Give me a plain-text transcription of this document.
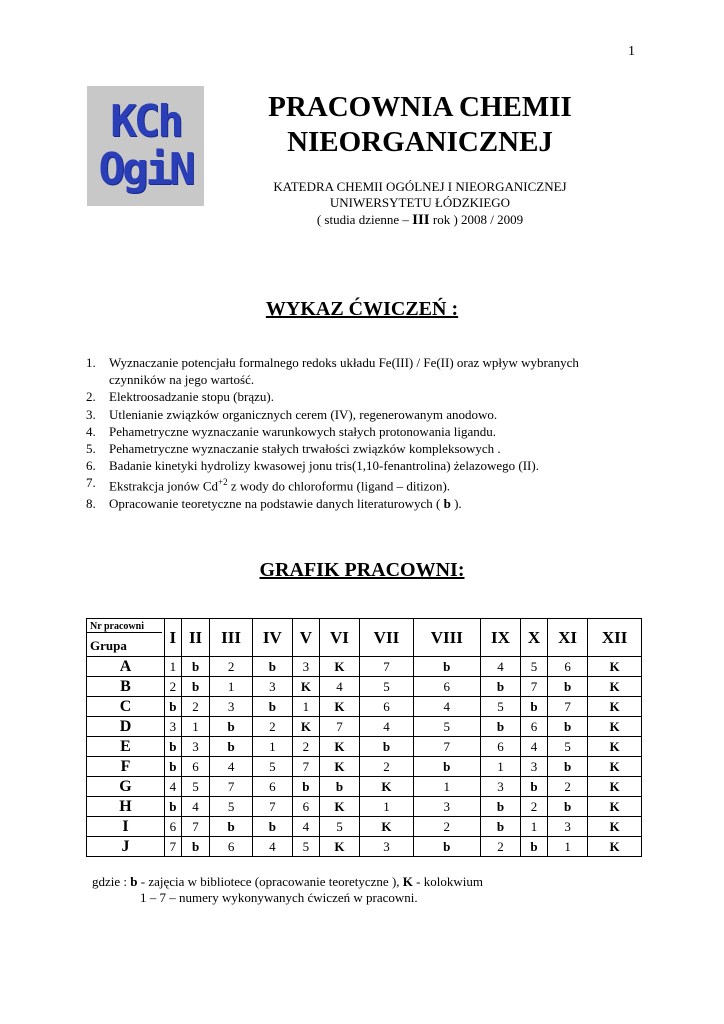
1
KCh
OgiN
PRACOWNIA CHEMII
NIEORGANICZNEJ
KATEDRA CHEMII OGÓLNEJ I NIEORGANICZNEJ
UNIWERSYTETU ŁÓDZKIEGO
( studia dzienne – III rok ) 2008 / 2009
WYKAZ ĆWICZEŃ :
1.	Wyznaczanie potencjału formalnego redoks układu Fe(III) / Fe(II) oraz wpływ wybranych
czynników na jego wartość.
2.	Elektroosadzanie stopu (brązu).
3.	Utlenianie związków organicznych cerem (IV), regenerowanym anodowo.
4.	Pehametryczne wyznaczanie warunkowych stałych protonowania ligandu.
5.	Pehametryczne wyznaczanie stałych trwałości związków kompleksowych .
6.	Badanie kinetyki hydrolizy kwasowej jonu tris(1,10-fenantrolina) żelazowego (II).
7.	Ekstrakcja jonów $Cd^{+2}$ z wody do chloroformu (ligand – ditizon).
8.	Opracowanie teoretyczne na podstawie danych literaturowych ( b ).
GRAFIK PRACOWNI:
Nr pracowni
Grupa	I	II	III	IV	V	VI	VII	VIII	IX	X	XI	XII
A	1	b	2	b	3	K	7	b	4	5	6	K
B	2	b	1	3	K	4	5	6	b	7	b	K
C	b	2	3	b	1	K	6	4	5	b	7	K
D	3	1	b	2	K	7	4	5	b	6	b	K
E	b	3	b	1	2	K	b	7	6	4	5	K
F	b	6	4	5	7	K	2	b	1	3	b	K
G	4	5	7	6	b	b	K	1	3	b	2	K
H	b	4	5	7	6	K	1	3	b	2	b	K
I	6	7	b	b	4	5	K	2	b	1	3	K
J	7	b	6	4	5	K	3	b	2	b	1	K
gdzie : b - zajęcia w bibliotece (opracowanie teoretyczne ), K - kolokwium
1 – 7 – numery wykonywanych ćwiczeń w pracowni.
